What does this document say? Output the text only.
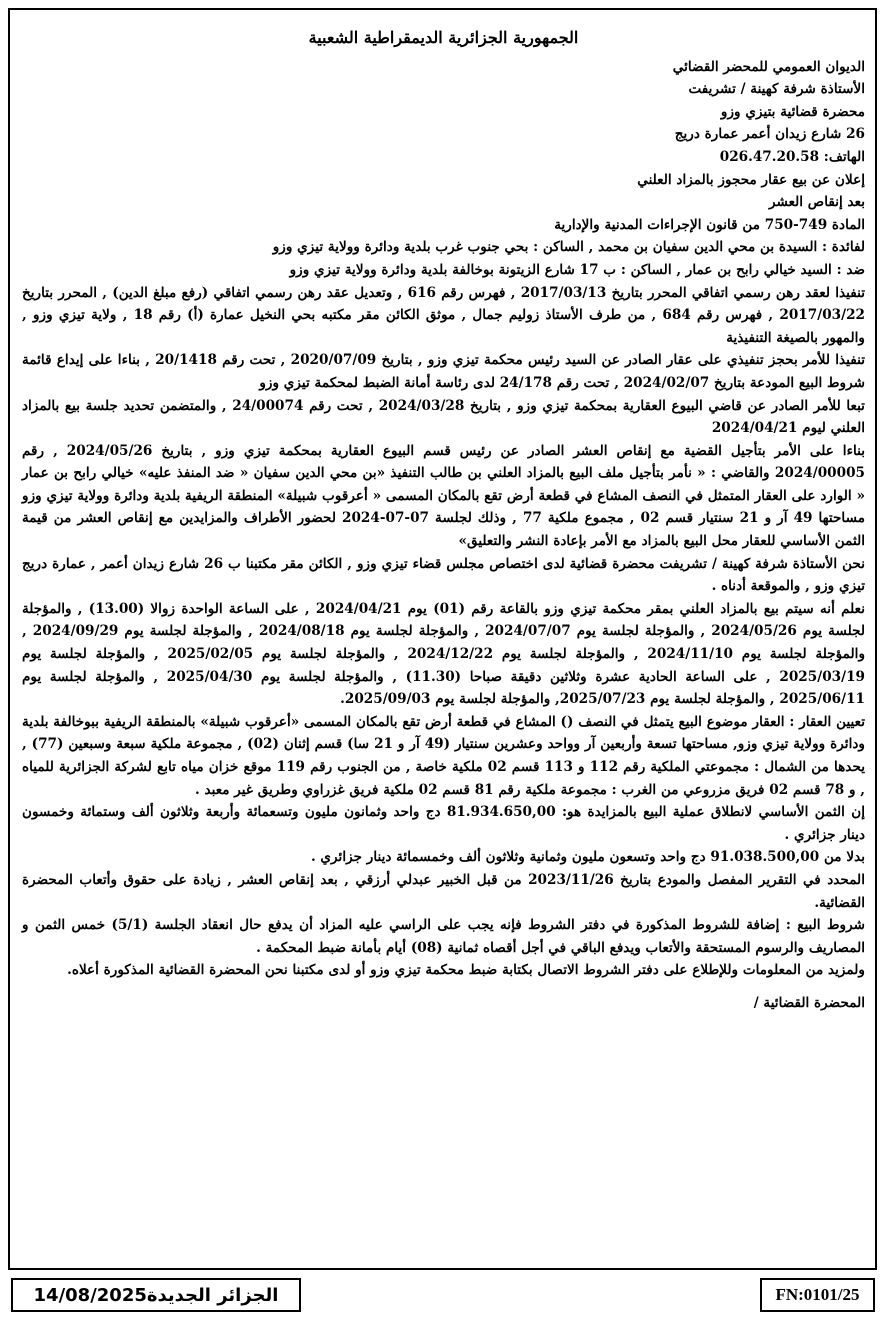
الجمهورية الجزائرية الديمقراطية الشعبية
الديوان العمومي للمحضر القضائي
الأستاذة شرفة كهينة / تشريفت
محضرة قضائية بتيزي وزو
26 شارع زيدان أعمر عمارة دريج
الهاتف: 026.47.20.58
إعلان عن بيع عقار محجوز بالمزاد العلني
بعد إنقاص العشر
المادة 749-750 من قانون الإجراءات المدنية والإدارية

لفائدة : السيدة بن محي الدين سفيان بن محمد , الساكن : بحي جنوب غرب بلدية ودائرة وولاية تيزي وزو

ضد : السيد خيالي رابح بن عمار , الساكن : ب 17 شارع الزيتونة بوخالفة بلدية ودائرة وولاية تيزي وزو

تنفيذا لعقد رهن رسمي اتفاقي المحرر بتاريخ 2017/03/13 , فهرس رقم 616 , وتعديل عقد رهن رسمي اتفاقي (رفع مبلغ الدين) , المحرر بتاريخ 2017/03/22 , فهرس رقم 684 , من طرف الأستاذ زوليم جمال , موثق الكائن مقر مكتبه بحي النخيل عمارة (أ) رقم 18 , ولاية تيزي وزو , والمهور بالصيغة التنفيذية

تنفيذا للأمر بحجز تنفيذي على عقار الصادر عن السيد رئيس محكمة تيزي وزو , بتاريخ 2020/07/09 , تحت رقم 20/1418 , بناءا على إيداع قائمة شروط البيع المودعة بتاريخ 2024/02/07 , تحت رقم 24/178 لدى رئاسة أمانة الضبط لمحكمة تيزي وزو

تبعا للأمر الصادر عن قاضي البيوع العقارية بمحكمة تيزي وزو , بتاريخ 2024/03/28 , تحت رقم 24/00074 , والمتضمن تحديد جلسة بيع بالمزاد العلني ليوم 2024/04/21

بناءا على الأمر بتأجيل القضية مع إنقاص العشر الصادر عن رئيس قسم البيوع العقارية بمحكمة تيزي وزو , بتاريخ 2024/05/26 , رقم 2024/00005 والقاضي : « نأمر بتأجيل ملف البيع بالمزاد العلني بن طالب التنفيذ «بن محي الدين سفيان « ضد المنفذ عليه» خيالي رابح بن عمار « الوارد على العقار المتمثل في النصف المشاع في قطعة أرض تقع بالمكان المسمى « أعرقوب شبيلة» المنطقة الريفية بلدية ودائرة وولاية تيزي وزو مساحتها 49 آر و 21 سنتيار قسم 02 , مجموع ملكية 77 , وذلك لجلسة 07-07-2024 لحضور الأطراف والمزايدين مع إنقاص العشر من قيمة الثمن الأساسي للعقار محل البيع بالمزاد مع الأمر بإعادة النشر والتعليق»

نحن الأستاذة شرفة كهينة / تشريفت محضرة قضائية لدى اختصاص مجلس قضاء تيزي وزو , الكائن مقر مكتبنا ب 26 شارع زيدان أعمر , عمارة دريج تيزي وزو , والموقعة أدناه .

نعلم أنه سيتم بيع بالمزاد العلني بمقر محكمة تيزي وزو بالقاعة رقم (01) يوم 2024/04/21 , على الساعة الواحدة زوالا (13.00) , والمؤجلة لجلسة يوم 2024/05/26 , والمؤجلة لجلسة يوم 2024/07/07 , والمؤجلة لجلسة يوم 2024/08/18 , والمؤجلة لجلسة يوم 2024/09/29 , والمؤجلة لجلسة يوم 2024/11/10 , والمؤجلة لجلسة يوم 2024/12/22 , والمؤجلة لجلسة يوم 2025/02/05 , والمؤجلة لجلسة يوم 2025/03/19 , على الساعة الحادية عشرة وثلاثين دقيقة صباحا (11.30) , والمؤجلة لجلسة يوم 2025/04/30 , والمؤجلة لجلسة يوم 2025/06/11 , والمؤجلة لجلسة يوم 2025/07/23, والمؤجلة لجلسة يوم 2025/09/03.

تعيين العقار : العقار موضوع البيع يتمثل في النصف () المشاع في قطعة أرض تقع بالمكان المسمى «أعرقوب شبيلة» بالمنطقة الريفية ببوخالفة بلدية ودائرة وولاية تيزي وزو, مساحتها تسعة وأربعين آر وواحد وعشرين سنتيار (49 آر و 21 سا) قسم إثنان (02) , مجموعة ملكية سبعة وسبعين (77) , يحدها من الشمال : مجموعتي الملكية رقم 112 و 113 قسم 02 ملكية خاصة , من الجنوب رقم 119 موقع خزان مياه تابع لشركة الجزائرية للمياه , و 78 قسم 02 فريق مزروعي من الغرب : مجموعة ملكية رقم 81 قسم 02 ملكية فريق غزراوي وطريق غير معبد .

إن الثمن الأساسي لانطلاق عملية البيع بالمزايدة هو: 81.934.650,00 دج واحد وثمانون مليون وتسعمائة وأربعة وثلاثون ألف وستمائة وخمسون دينار جزائري .

بدلا من 91.038.500,00 دج واحد وتسعون مليون وثمانية وثلاثون ألف وخمسمائة دينار جزائري .

المحدد في التقرير المفصل والمودع بتاريخ 2023/11/26 من قبل الخبير عبدلي أرزقي , بعد إنقاص العشر , زيادة على حقوق وأتعاب المحضرة القضائية.

شروط البيع : إضافة للشروط المذكورة في دفتر الشروط فإنه يجب على الراسي عليه المزاد أن يدفع حال انعقاد الجلسة (5/1) خمس الثمن و المصاريف والرسوم المستحقة والأتعاب ويدفع الباقي في أجل أقصاه ثمانية (08) أيام بأمانة ضبط المحكمة .

ولمزيد من المعلومات وللإطلاع على دفتر الشروط الاتصال بكتابة ضبط محكمة تيزي وزو أو لدى مكتبنا نحن المحضرة القضائية المذكورة أعلاه.

المحضرة القضائية /
الجزائر الجديدة14/08/2025	FN:0101/25
